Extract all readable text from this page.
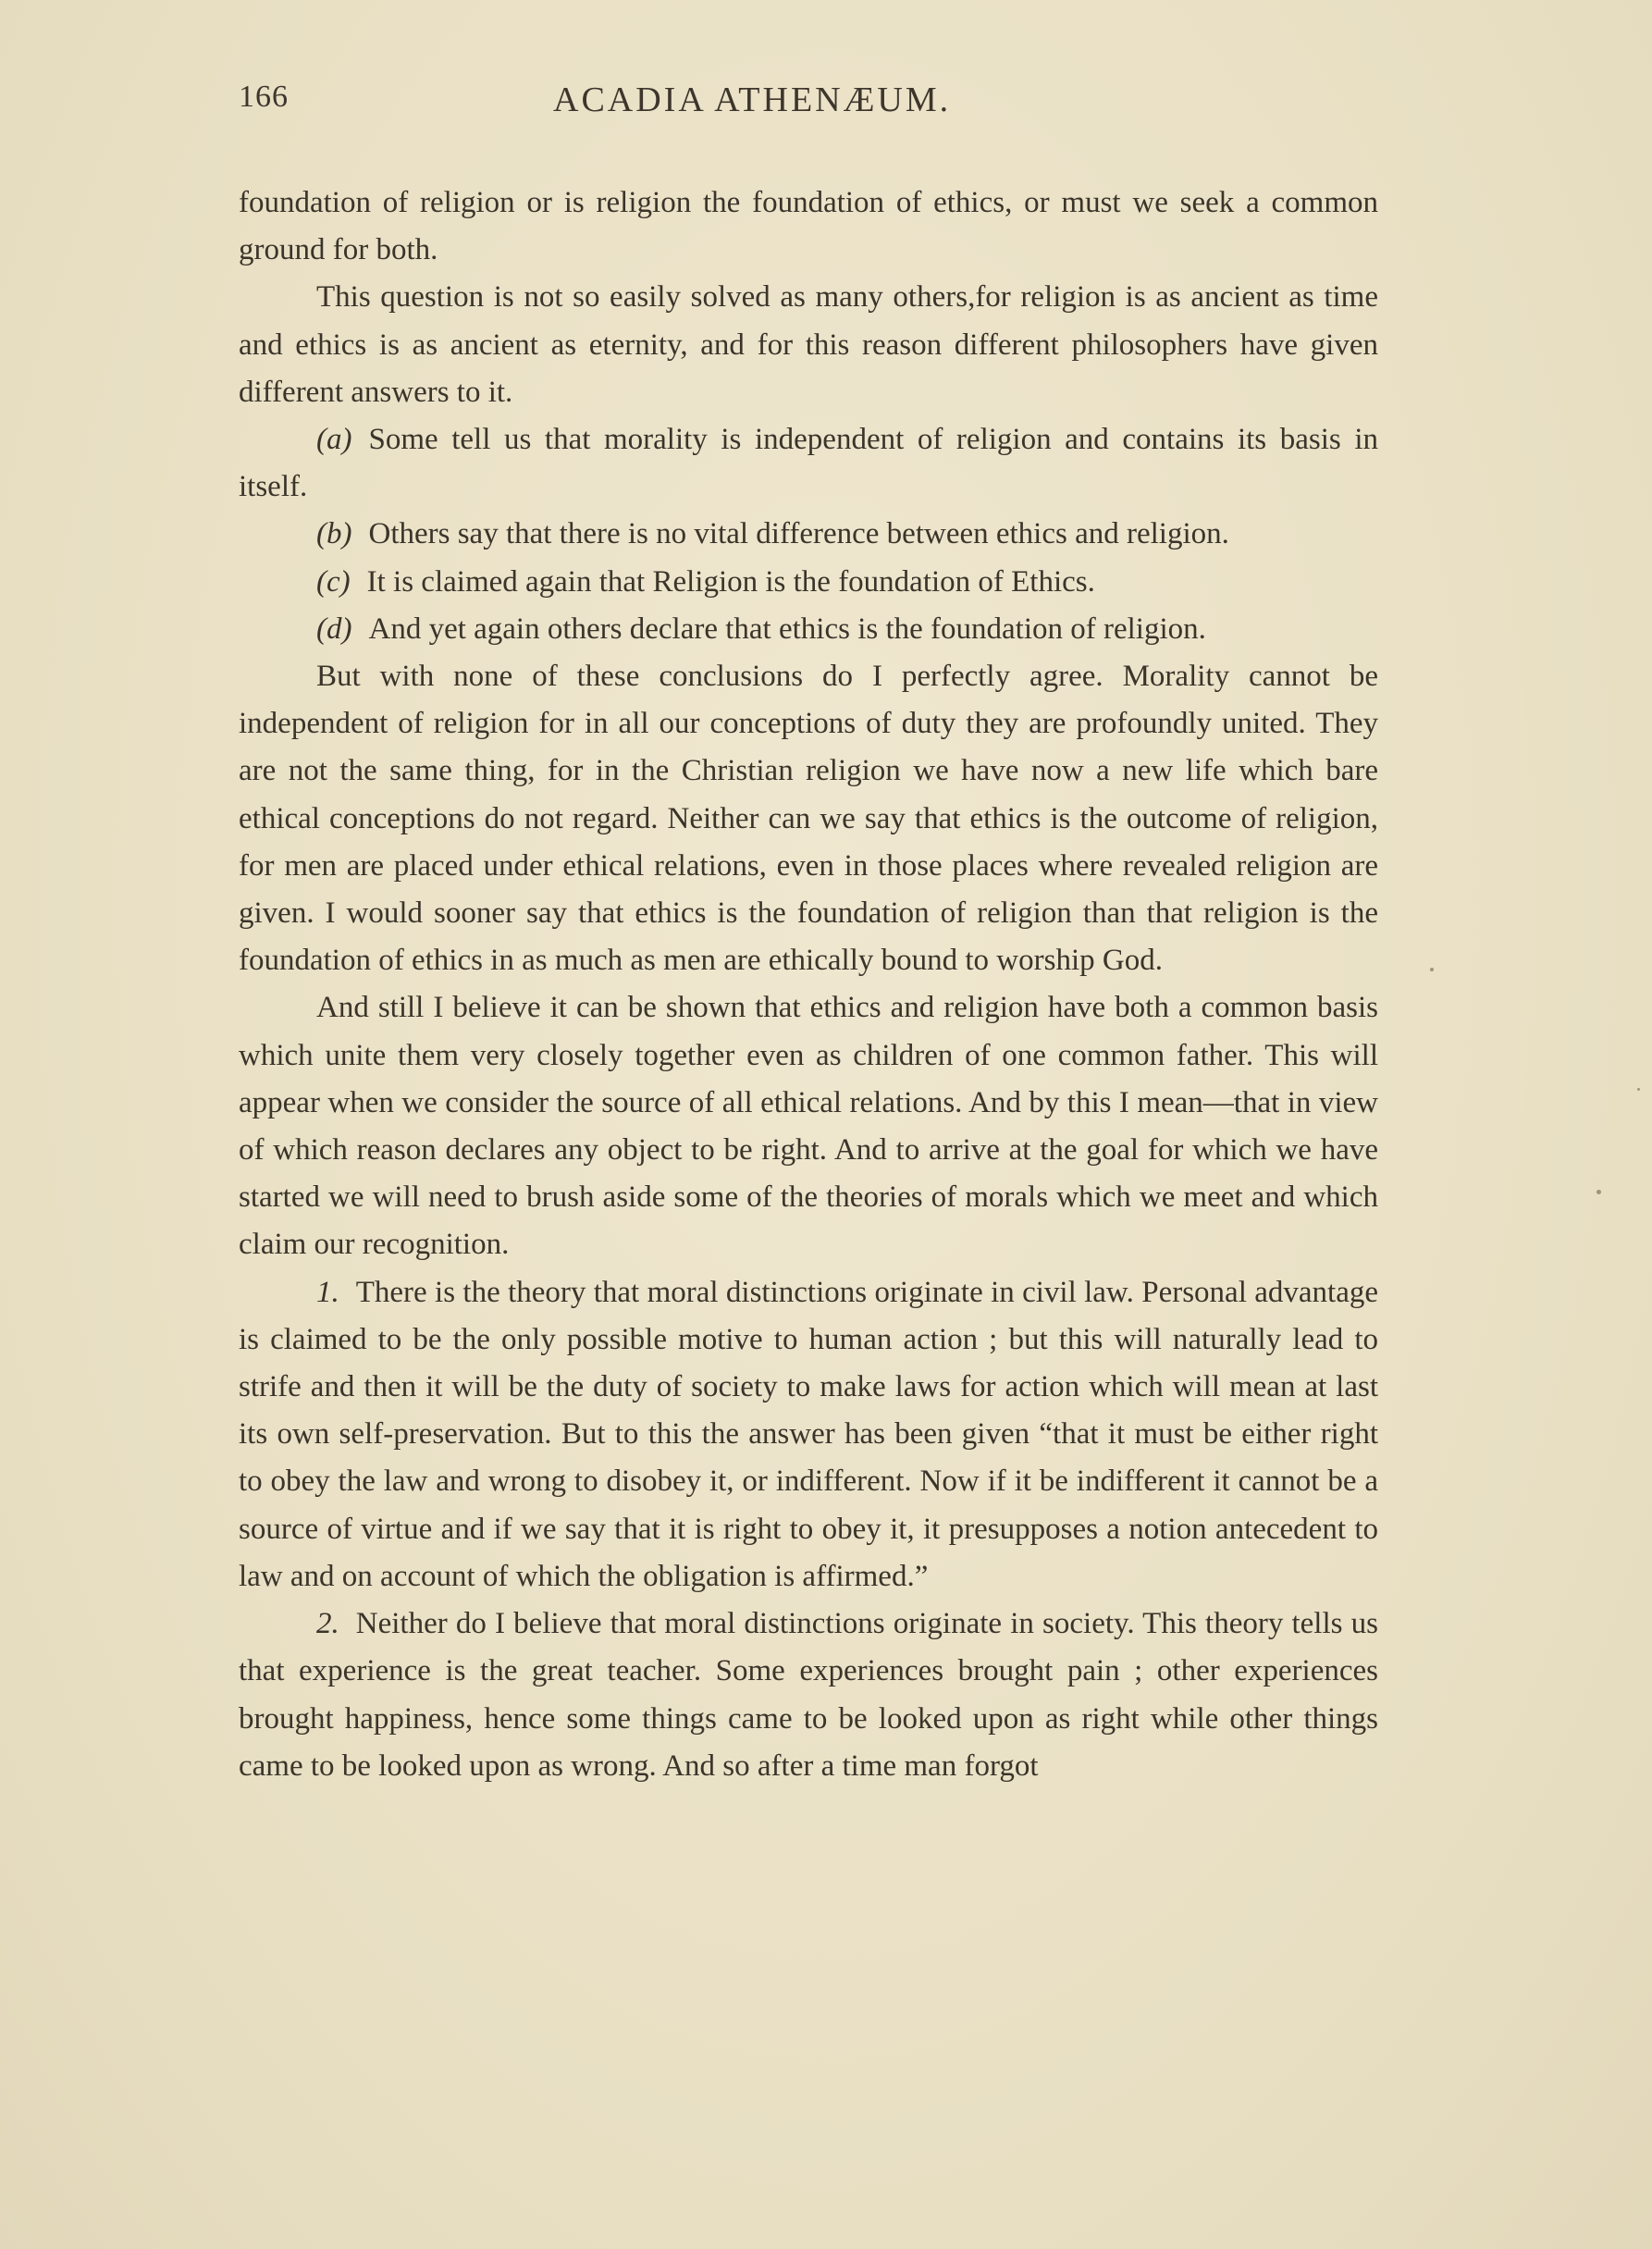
166	ACADIA ATHENÆUM.

foundation of religion or is religion the foundation of ethics, or must we seek a common ground for both.

This question is not so easily solved as many others,for religion is as ancient as time and ethics is as ancient as eternity, and for this reason different philosophers have given different answers to it.

(a) Some tell us that morality is independent of religion and contains its basis in itself.

(b) Others say that there is no vital difference between ethics and religion.

(c) It is claimed again that Religion is the foundation of Ethics.

(d) And yet again others declare that ethics is the foundation of religion.

But with none of these conclusions do I perfectly agree. Morality cannot be independent of religion for in all our conceptions of duty they are profoundly united. They are not the same thing, for in the Christian religion we have now a new life which bare ethical conceptions do not regard. Neither can we say that ethics is the outcome of religion, for men are placed under ethical relations, even in those places where revealed religion are given. I would sooner say that ethics is the foundation of religion than that religion is the foundation of ethics in as much as men are ethically bound to worship God.

And still I believe it can be shown that ethics and religion have both a common basis which unite them very closely together even as children of one common father. This will appear when we consider the source of all ethical relations. And by this I mean—that in view of which reason declares any object to be right. And to arrive at the goal for which we have started we will need to brush aside some of the theories of morals which we meet and which claim our recognition.

1. There is the theory that moral distinctions originate in civil law. Personal advantage is claimed to be the only possible motive to human action ; but this will naturally lead to strife and then it will be the duty of society to make laws for action which will mean at last its own self-preservation. But to this the answer has been given “that it must be either right to obey the law and wrong to disobey it, or indifferent. Now if it be indifferent it cannot be a source of virtue and if we say that it is right to obey it, it presupposes a notion antecedent to law and on account of which the obligation is affirmed.”

2. Neither do I believe that moral distinctions originate in society. This theory tells us that experience is the great teacher. Some experiences brought pain ; other experiences brought happiness, hence some things came to be looked upon as right while other things came to be looked upon as wrong. And so after a time man forgot
